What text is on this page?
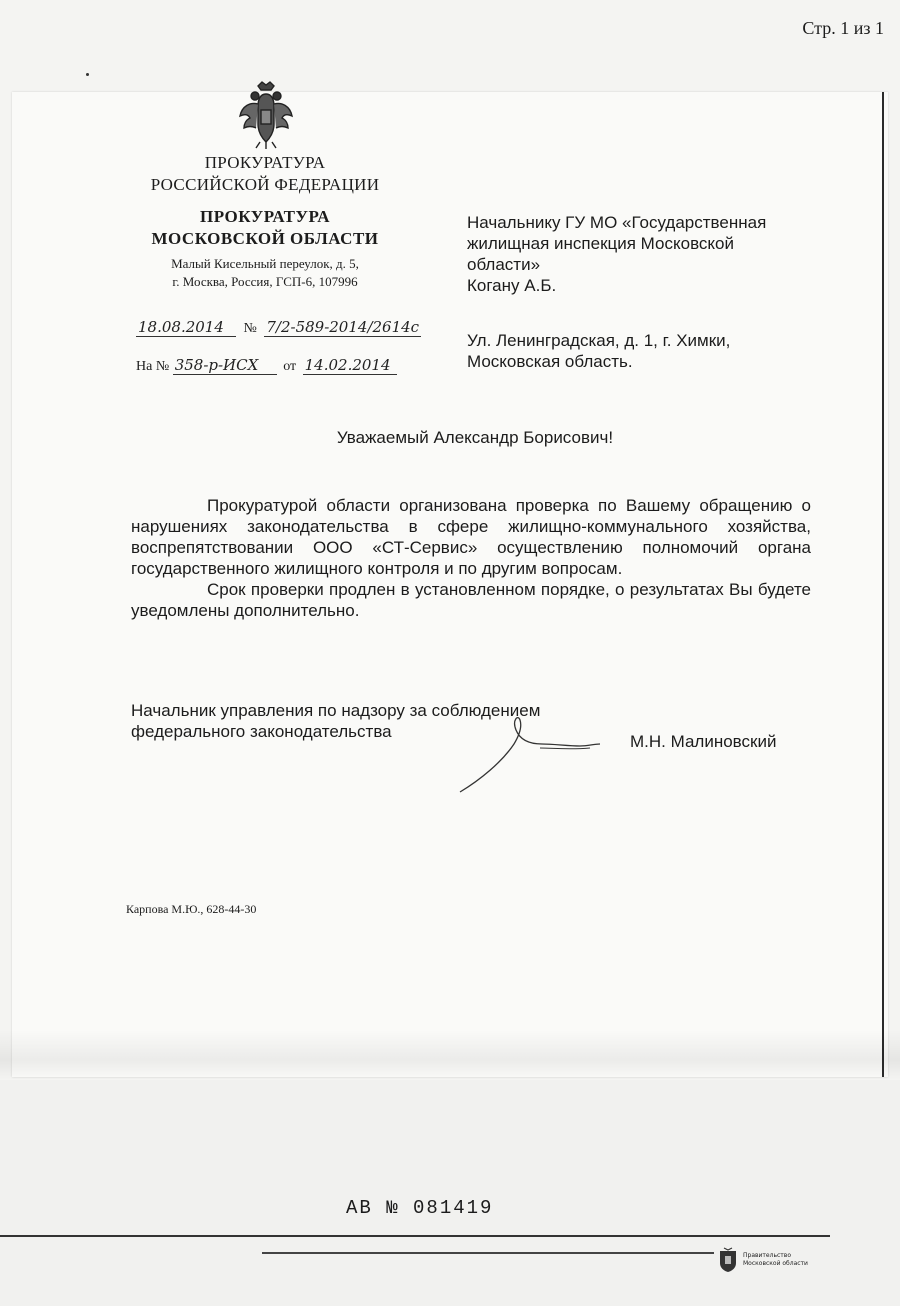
Стр. 1 из 1
ПРОКУРАТУРА
РОССИЙСКОЙ ФЕДЕРАЦИИ
ПРОКУРАТУРА
МОСКОВСКОЙ ОБЛАСТИ
Малый Кисельный переулок, д. 5,
г. Москва, Россия, ГСП-6, 107996
18.08.2014 № 7/2-589-2014/2614с
На № 358-р-ИСХ от 14.02.2014
Начальнику ГУ МО «Государственная
жилищная инспекция Московской
области»
Когану А.Б.
Ул. Ленинградская, д. 1, г. Химки,
Московская область.
Уважаемый Александр Борисович!

Прокуратурой области организована проверка по Вашему обращению о нарушениях законодательства в сфере жилищно-коммунального хозяйства, воспрепятствовании ООО «СТ-Сервис» осуществлению полномочий органа государственного жилищного контроля и по другим вопросам.

Срок проверки продлен в установленном порядке, о результатах Вы будете уведомлены дополнительно.

Начальник управления по надзору за соблюдением
федерального законодательства
М.Н. Малиновский
Карпова М.Ю., 628-44-30
АВ № 081419
Правительство
Московской области
